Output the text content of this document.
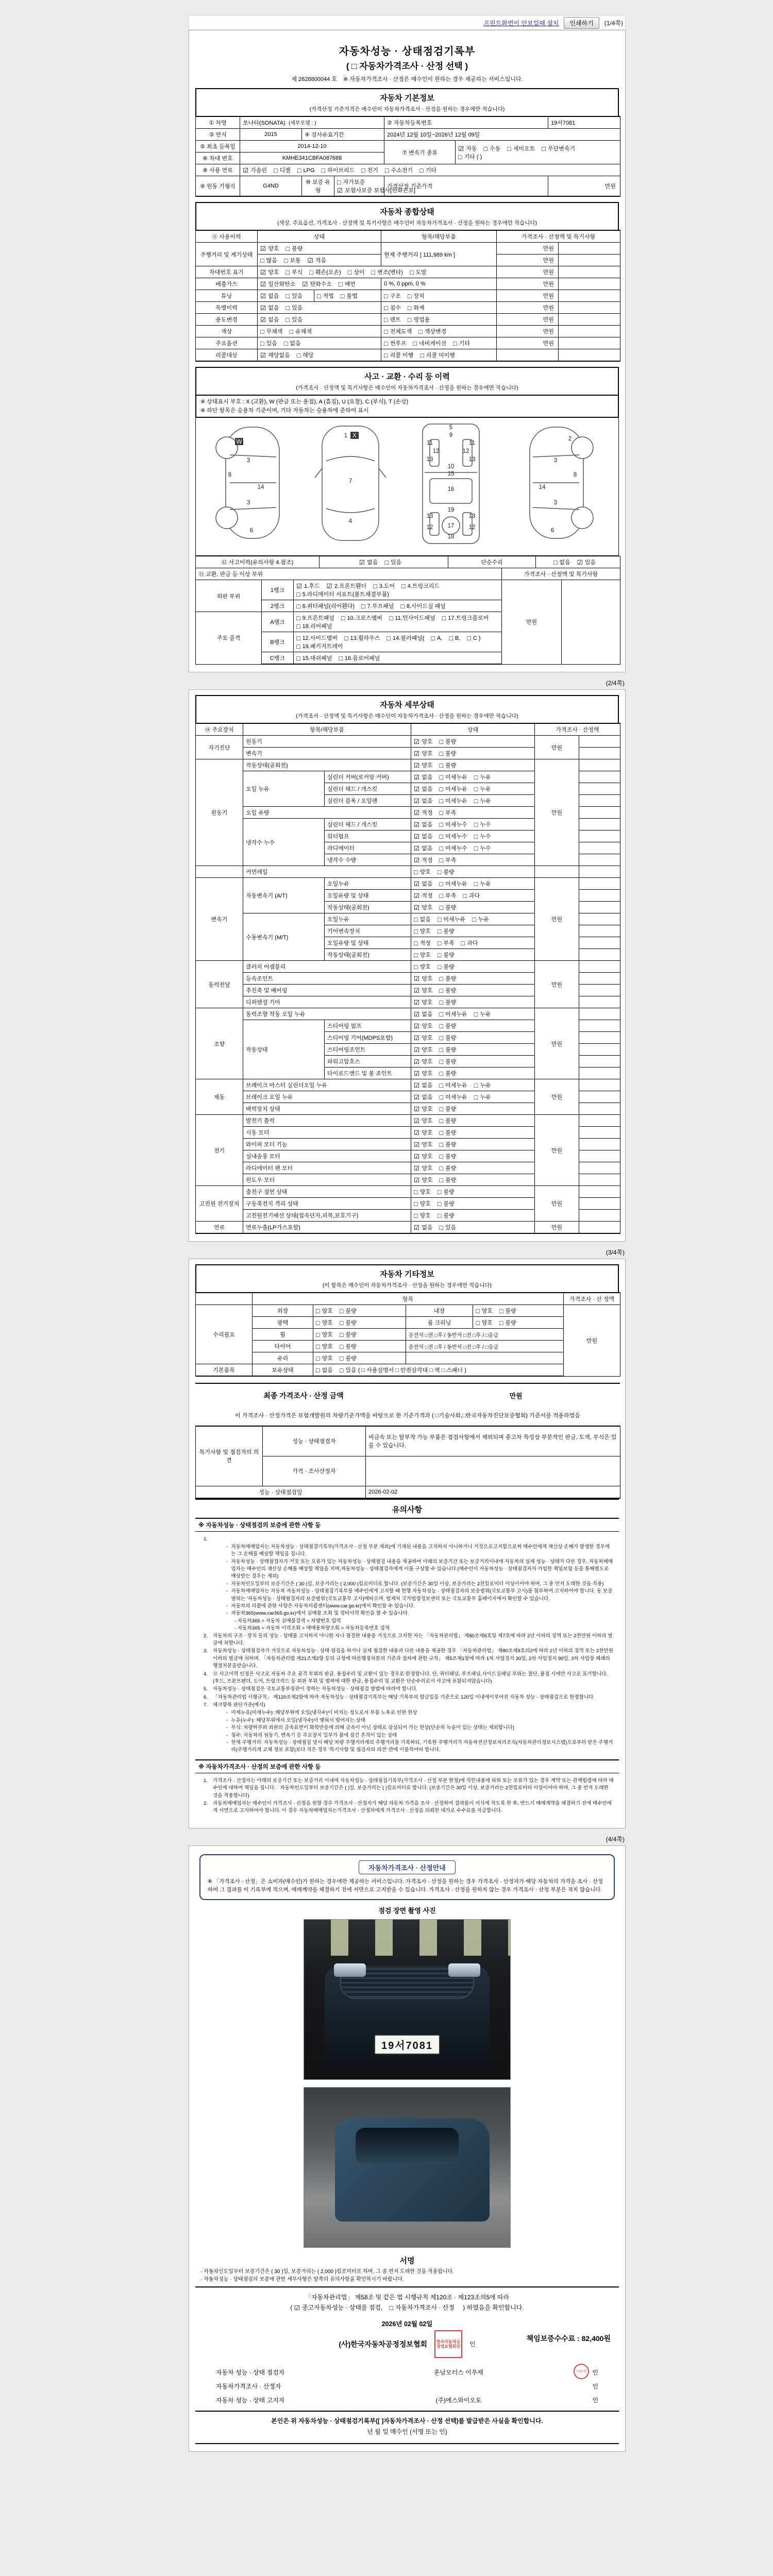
프린트화면이 안보일때 설치	인쇄하기	(1/4쪽)
자동차성능 · 상태점검기록부
( □ 자동차가격조사 · 산정 선택 )
제 2628800044 호 ※ 자동차가격조사 · 산정은 매수인이 원하는 경우 제공하는 서비스입니다.
자동차 기본정보
(가격산정 기준가격은 매수인이 자동차가격조사 · 산정을 원하는 경우에만 적습니다)
① 차명	쏘나타(SONATA) (세부모델 : )	② 자동차등록번호	19서7081
③ 연식	2015	④ 검사유효기간	2024년 12월 10일~2026년 12월 09일
⑤ 최초 등록일	2014-12-10	⑦ 변속기 종류	
☑ 자동 □ 수동 □ 세미오토 □ 무단변속기
□ 기타 ( )

⑥ 차대 번호	KMHE341CBFA087688
⑧ 사용 연료	☑ 가솔린 □ 디젤 □ LPG □ 하이브리드 □ 전기 □ 수소전기 □ 기타
⑨ 원동 기형식	G4ND	
⑩ 보증 유형	□ 자가보증☑ 보험사보증 보험사[한화손보]
	가격산정 기준가격	만원
자동차 종합상태
(색상, 주요옵션, 가격조사 · 산정액 및 특기사항은 매수인이 자동차가격조사 · 산정을 원하는 경우에만 적습니다)
⑪ 사용이력	상태		항목/해당부품	가격조사 · 산정액 및 특기사항	
주행거리 및 계기상태	☑ 양호 □ 불량		현재 주행거리 [ 111,989 km ]	만원	
	□ 많음 □ 보통 ☑ 적음			만원	
차대번호 표기	☑ 양호 □ 부식 □ 훼손(오손) □ 상이 □ 변조(변타) □ 도말			만원	
배출가스	☑ 일산화탄소 ☑ 탄화수소 □ 매연		0 %, 0 ppm, 0 %	만원	
튜닝	☑ 없음 □ 있음	□ 적법 □ 불법	□ 구조 □ 장치	만원	
특별이력	☑ 없음 □ 있음		□ 침수 □ 화재	만원	
용도변경	☑ 없음 □ 있음		□ 렌트 □ 영업용	만원	
색상	□ 무채색 □ 유채색		□ 전체도색 □ 색상변경	만원	
주요옵션	□ 있음 □ 없음		□ 썬루프 □ 네비게이션 □ 기타	만원	
리콜대상	☑ 해당없음 □ 해당		□ 리콜 이행 □ 리콜 미이행		
사고 · 교환 · 수리 등 이력
(가격조사 · 산정액 및 특기사항은 매수인이 자동차가격조사 · 산정을 원하는 경우에만 적습니다)
※ 상태표시 부호 : X (교환), W (판금 또는 용접), A (흠집), U (요철), C (부식), T (손상)
※ 하단 항목은 승용차 기준이며, 기타 자동차는 승용차에 준하여 표시
W
3
8
14
3
6
1 X
7
4
5
9
11	11
12	12
13	13
10
15
16
19
13	13
12	12
17
18
2
3
8
14
3
6
⑫ 사고이력(유의사항 4.참조)	☑ 없음 □ 있음	단순수리	□ 없음 ☑ 있음
⑬ 교환, 판금 등 이상 부위			가격조사 · 산정액 및 특기사항	
외판 부위	1랭크	☑ 1.후드 ☑ 2.프론트휀더 □ 3.도어 □ 4.트렁크리드□ 5.라디에이터 서포트(볼트체결부품)	만원	
	2랭크	□ 6.쿼터패널(리어휀다) □ 7.루프패널 □ 8.사이드실 패널		
주요 골격	A랭크	□ 9.프론트패널 □ 10.크로스멤버 □ 11.인사이드패널 □ 17.트렁크플로어□ 18.리어패널		
	B랭크	□ 12.사이드멤버 □ 13.휠하우스 □ 14.필러패널( □ A, □ B, □ C )□ 19.패키지트레이		
	C랭크	□ 15.대쉬패널 □ 16.플로어패널		
(2/4쪽)
자동차 세부상태
(가격조사 · 산정액 및 특기사항은 매수인이 자동차가격조사 · 산정을 원하는 경우에만 적습니다)
⑭ 주요장치	항목/해당부품		상태	가격조사 · 산정액	
자기진단	원동기		☑ 양호 □ 불량	만원	
	변속기		☑ 양호 □ 불량		
원동기	작동상태(공회전)		☑ 양호 □ 불량	만원	
	오일 누유	실린더 커버(로커암 커버)	☑ 없음 □ 미세누유 □ 누유		
		실린더 헤드 / 개스킷	☑ 없음 □ 미세누유 □ 누유		
		실린더 블록 / 오일팬	☑ 없음 □ 미세누유 □ 누유		
	오일 유량		☑ 적정 □ 부족		
	냉각수 누수	실린더 헤드 / 개스킷	☑ 없음 □ 미세누수 □ 누수		
		워터펌프	☑ 없음 □ 미세누수 □ 누수		
		라디에이터	☑ 없음 □ 미세누수 □ 누수		
		냉각수 수량	☑ 적정 □ 부족		
	커먼레일		□ 양호 □ 불량		
변속기	자동변속기 (A/T)	오일누유	☑ 없음 □ 미세누유 □ 누유	만원	
		오일유량 및 상태	☑ 적정 □ 부족 □ 과다		
		작동상태(공회전)	☑ 양호 □ 불량		
	수동변속기 (M/T)	오일누유	□ 없음 □ 미세누유 □ 누유		
		기어변속장치	□ 양호 □ 불량		
		오일유량 및 상태	□ 적정 □ 부족 □ 과다		
		작동상태(공회전)	□ 양호 □ 불량		
동력전달	클러치 어셈블리		□ 양호 □ 불량	만원	
	등속조인트		☑ 양호 □ 불량		
	추진축 및 베어링		☑ 양호 □ 불량		
	디퍼렌셜 기어		☑ 양호 □ 불량		
조향	동력조향 작동 오일 누유		☑ 없음 □ 미세누유 □ 누유	만원	
	작동상태	스티어링 펌프	☑ 양호 □ 불량		
		스티어링 기어(MDPS포함)	☑ 양호 □ 불량		
		스티어링조인트	☑ 양호 □ 불량		
		파워고압호스	☑ 양호 □ 불량		
		타이로드엔드 및 볼 죠인트	☑ 양호 □ 불량		
제동	브레이크 마스터 실린더오일 누유		☑ 없음 □ 미세누유 □ 누유	만원	
	브레이크 오일 누유		☑ 없음 □ 미세누유 □ 누유		
	배력장치 상태		☑ 양호 □ 불량		
전기	발전기 출력		☑ 양호 □ 불량	만원	
	시동 모터		☑ 양호 □ 불량		
	와이퍼 모터 기능		☑ 양호 □ 불량		
	실내송풍 모터		☑ 양호 □ 불량		
	라디에이터 팬 모터		☑ 양호 □ 불량		
	윈도우 모터		☑ 양호 □ 불량		
고전원 전기장치	충전구 절연 상태		□ 양호 □ 불량	만원	
	구동축전지 격리 상태		□ 양호 □ 불량		
	고전원전기배선 상태(접속단자,피복,보호기구)		□ 양호 □ 불량		
연료	연료누출(LP가스포함)		☑ 없음 □ 있음	만원	
(3/4쪽)
자동차 기타정보
(이 항목은 매수인이 자동차가격조사 · 산정을 원하는 경우에만 적습니다)
	항목				가격조사 · 산 정액
수리필요	외장	□ 양호 □ 불량	내장	□ 양호 □ 불량	만원
	광택	□ 양호 □ 불량	룸 크리닝	□ 양호 □ 불량	
	휠	□ 양호 □ 불량	운전석 □전 □후 / 동반석 □전 □후 / □응급		
	타이어	□ 양호 □ 불량	운전석 □전 □후 / 동반석 □전 □후 / □응급		
	유리	□ 양호 □ 불량			
기본품목	보유상태	□ 없음 □ 있음 ( □ 사용설명서 □ 안전삼각대 □ 잭 □ 스패너 )			
최종 가격조사 · 산정 금액	만원
이 가격조사 · 산정가격은 보험개발원의 차량기준가액을 바탕으로 한 기준가격과 ( □기술사회,□한국자동차진단보증협회) 기준서를 적용하였음
특기사항 및 점검자의 의견	성능 · 상태점검자	비금속 또는 탈부착 가능 부품은 점검사항에서 제외되며 중고차 특성상 부분적인 판금, 도색, 부식은 있을 수 있습니다.
	가격 · 조사산정자	
성능 · 상태점검일		2026-02-02
유의사항
※ 자동차성능 · 상태점검의 보증에 관한 사항 등
1.
◦ 자동차매매업자는 자동차성능 · 상태점검기록부(가격조사 · 산정 부분 제외)에 기재된 내용을 고지하지 아니하거나 거짓으로고지함으로써 매수인에게 재산상 손해가 발생한 경우에는 그 손해를 배상할 책임을 집니다.
◦ 자동차성능 · 상태점검자가 거짓 또는 오류가 있는 자동차성능 · 상태점검 내용을 제공하여 아래의 보증기간 또는 보증거리이내에 자동차의 실제 성능 · 상태가 다른 경우, 자동차매매업자는 매수인의 재산상 손해를 배상할 책임을 지며,자동차성능 · 상태점검자에게 이를 구상할 수 있습니다.(매수인이 자동차성능 · 상태점검자가 가입한 책임보험 등을 통해별도로 배상받는 경우는 제외)
◦ 자동차인도일부터 보증기간은 ( 30 )일, 보증거리는 ( 2,000 )킬로미터로 합니다. (보증기간은 30일 이상, 보증거리는 2천킬로미터 이상이어야 하며, 그 중 먼저 도래한 것을 적용)
◦ 자동차매매업자는 자동차 자동차성능 · 상태점검기록부를 매수인에게 고지할 때 현행 자동차성능 · 상태점검자의 보증범위(국토교통부 고시)를 첨부하여 고지하여야 합니다. 동 보증범위는 '자동차성능 · 상태점검자의 보증범위'(국토교통부 고시)에따르며, 법제처 국가법령정보센터 또는 국토교통부 홈페이지에서 확인할 수 있습니다.
◦ 자동차의 리콜에 관한 사항은 자동차리콜센터(www.car.go.kr)에서 확인할 수 있습니다.
◦ 자동차365(www.car365.go.kr)에서 실매물 조회 및 정비이력 확인을 할 수 있습니다.
- 자동차365 > 자동차 실매물검색 > 차량번호 입력
- 자동차365 > 자동차 이력조회 > 매매용차량조회 > 자동차등록번호 검색
2.	자동차의 구조 · 장치 등의 성능 · 상태를 고지하지 아니한 자나 점검한 내용을 거짓으로 고지한 자는 「자동차관리법」 제80조제6호및 제7호에 따라 2년 이하의 징역 또는 2천만원 이하의 벌금에 처합니다.
3.	자동차성능 · 상태점검자가 거짓으로 자동차성능 · 상태 점검을 하거나 실제 점검한 내용과 다른 내용을 제공한 경우 「자동차관리법」 제80조제9호의2에 따라 2년 이하의 징역 또는 2천만원 이하의 벌금에 처하며, 「자동차관리법 제21조제2항 등의 규정에 따른행정처분의 기준과 절차에 관한 규칙」 제5조제1항에 따라 1차 사업정지 30일, 2차 사업정지 90일, 3차 사업장 폐쇄의 행정처분을받습니다.
4.	⑫ 사고이력 인정은 사고로 자동차 주요 골격 부위의 판금, 용접수리 및 교환이 있는 경우로 한정합니다. 단, 쿼터패널, 루프패널,사이드실패널 부위는 절단, 용접 시에만 사고로 표기합니다. (후드, 프론트펜더, 도어, 트렁크리드 등 외판 부위 및 범퍼에 대한 판금, 용접수리 및 교환은 단순수리로서 사고에 포함되지않습니다)
5.	자동차성능 · 상태점검은 국토교통부장관이 정하는 자동차성능 · 상태점검 방법에 따라야 합니다.
6.	「자동차관리법 시행규칙」 제120조제2항에 따라 자동차성능 · 상태점검기록부는 해당 기록부의 발급일을 기준으로 120일 이내에이루어진 자동차 성능 · 상태점검으로 한정합니다.
7.	체크항목 판단기준(예시)
◦ 미세누유(미세누수): 해당부위에 오일(냉각수)이 비치는 정도로서 부품 노후로 인한 현상
◦ 누유(누수): 해당부위에서 오일(냉각수)이 맺혀서 떨어지는 상태
◦ 부식: 차량하부와 외판의 금속표면이 화학반응에 의해 금속이 아닌 상태로 상실되어 가는 현상(단순히 녹슬어 있는 상태는 제외합니다)
◦ 침수: 자동차의 원동기, 변속기 등 주요장치 일부가 물에 잠긴 흔적이 있는 상태
◦ 현재 주행거리: 자동차성능 · 상태점검 당시 해당 차량 주행거리계의 주행거리를 기록하되, 기록한 주행거리가 자동차전산정보처리조직(자동차관리정보시스템)으로부터 받은 주행거리(주행거리계 교체 정보 포함)보다 적은 경우 '특기사항 및 점검자의 의견' 란에 이를적어야 합니다.
※ 자동차가격조사 · 산정의 보증에 관한 사항 등
1.	가격조사 · 산정자는 아래의 보증기간 또는 보증거리 이내에 자동차성능 · 상태점검기록부(가격조사 · 산정 부분 한정)에 적힌내용에 허위 또는 오류가 있는 경우 계약 또는 관계법령에 따라 매수인에 대하여 책임을 집니다. · 자동차인도일부터 보증기간은 ( )일, 보증거리는 ( )킬로미터로 합니다. (보증기간은 30일 이상, 보증거리는 2천킬로미터 이상이어야 하며, 그 중 먼저 도래한 것을 적용합니다)
2.	자동차매매업자는 매수인이 가격조사 · 산정을 원할 경우 가격조사 · 산정자가 해당 자동차 가격을 조사 · 산정하여 결과를이 서식에 적도록 한 후, 반드시 매매계약을 체결하기 전에 매수인에게 서면으로 고지하여야 합니다. 이 경우 자동차매매업자는가격조사 · 산정자에게 가격조사 · 산정을 의뢰한 대가로 수수료를 지급합니다.
(4/4쪽)
자동차가격조사 · 산정안내
※ 「가격조사 · 산정」은 소비자(매수인)가 원하는 경우에만 제공하는 서비스입니다. 가격조사 · 산정을 원하는 경우 가격조사 · 산정자가 해당 자동차의 가격을 조사 · 산정하여 그 결과를 이 기록부에 적으며, 매매계약을 체결하기 전에 서면으로 고지받을 수 있습니다. 가격조사 · 산정을 원하지 않는 경우 가격조사 · 산정 부분은 적지 않습니다.
점검 장면 촬영 사진
19서7081
서명
· 자동차인도일부터 보증기간은 ( 30 )일, 보증거리는 ( 2,000 )킬로미터로 하며, 그 중 먼저 도래한 것을 적용합니다.
· 자동차성능 · 상태점검의 보증에 관한 세부사항은 앞쪽의 유의사항을 확인하시기 바랍니다.
「자동차관리법」 제58조 및 같은 법 시행규칙 제120조 · 제123조의5에 따라
( ☑ 중고자동차성능 · 상태를 점검, □ 자동차가격조사 · 산정 ) 하였음을 확인합니다.
2026년 02월 02일
(사)한국자동차공정정보협회	한국자동차공정정보협회인	인
책임보증수수료 : 82,400원
자동차 성능 · 상태 점검자	훈남모터스 이우재	이우재 인
자동차가격조사 · 산정자	인
자동차 성능 · 상태 고지자	(주)에스와이오토	인
본인은 위 자동차성능 · 상태점검기록부([ ]자동차가격조사 · 산정 선택)를 발급받은 사실을 확인합니다.
년 월 일 매수인 (서명 또는 인)
